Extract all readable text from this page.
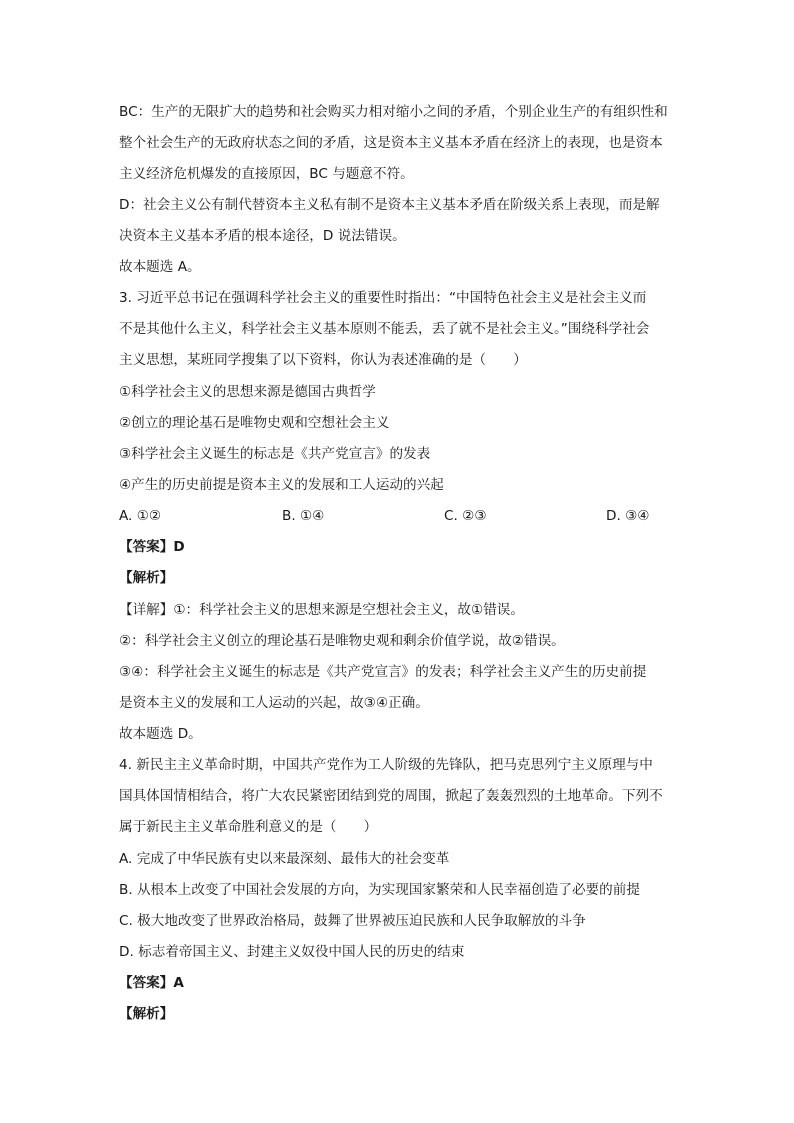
BC：生产的无限扩大的趋势和社会购买力相对缩小之间的矛盾，个别企业生产的有组织性和
整个社会生产的无政府状态之间的矛盾，这是资本主义基本矛盾在经济上的表现，也是资本
主义经济危机爆发的直接原因，BC 与题意不符。
D：社会主义公有制代替资本主义私有制不是资本主义基本矛盾在阶级关系上表现，而是解
决资本主义基本矛盾的根本途径，D 说法错误。
故本题选 A。
3. 习近平总书记在强调科学社会主义的重要性时指出：“中国特色社会主义是社会主义而
不是其他什么主义，科学社会主义基本原则不能丢，丢了就不是社会主义。”围绕科学社会
主义思想，某班同学搜集了以下资料，你认为表述准确的是（　　）
①科学社会主义的思想来源是德国古典哲学
②创立的理论基石是唯物史观和空想社会主义
③科学社会主义诞生的标志是《共产党宣言》的发表
④产生的历史前提是资本主义的发展和工人运动的兴起
A. ①②	B. ①④	C. ②③	D. ③④
【答案】D
【解析】
【详解】①：科学社会主义的思想来源是空想社会主义，故①错误。
②：科学社会主义创立的理论基石是唯物史观和剩余价值学说，故②错误。
③④：科学社会主义诞生的标志是《共产党宣言》的发表；科学社会主义产生的历史前提
是资本主义的发展和工人运动的兴起，故③④正确。
故本题选 D。
4. 新民主主义革命时期，中国共产党作为工人阶级的先锋队，把马克思列宁主义原理与中
国具体国情相结合，将广大农民紧密团结到党的周围，掀起了轰轰烈烈的土地革命。下列不
属于新民主主义革命胜利意义的是（　　）
A. 完成了中华民族有史以来最深刻、最伟大的社会变革
B. 从根本上改变了中国社会发展的方向，为实现国家繁荣和人民幸福创造了必要的前提
C. 极大地改变了世界政治格局，鼓舞了世界被压迫民族和人民争取解放的斗争
D. 标志着帝国主义、封建主义奴役中国人民的历史的结束
【答案】A
【解析】
